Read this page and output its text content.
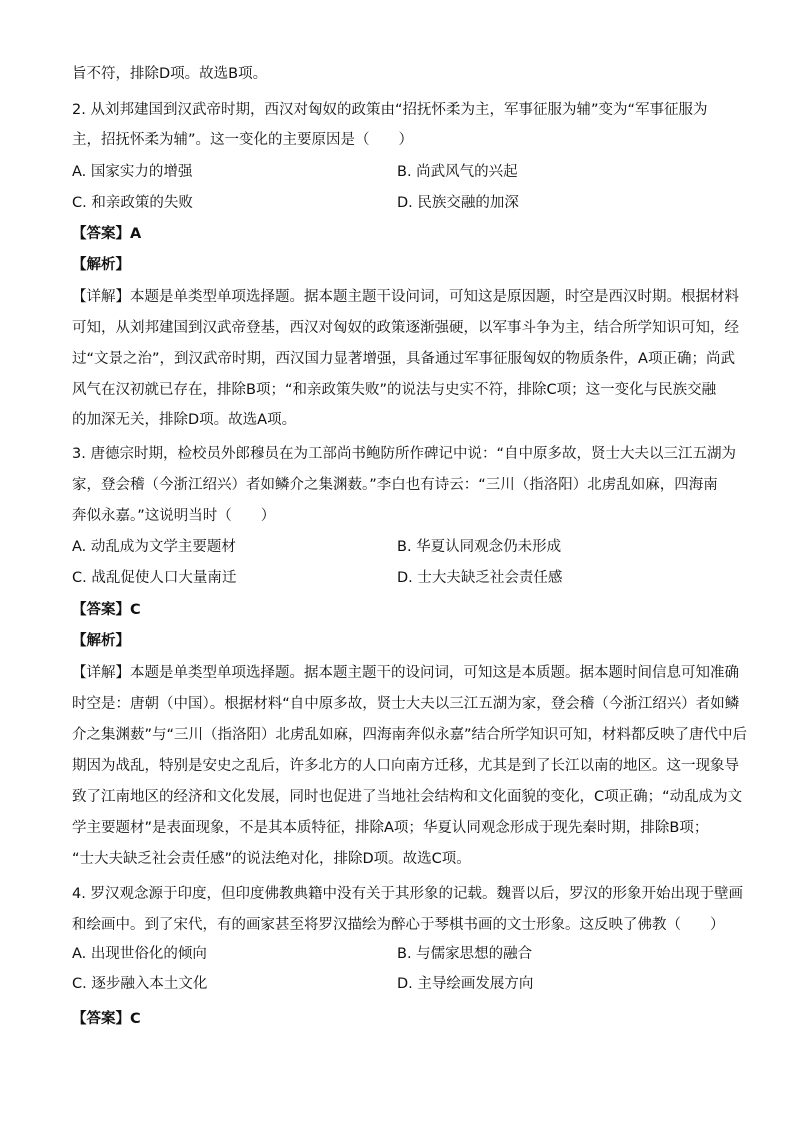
旨不符，排除D项。故选B项。
2. 从刘邦建国到汉武帝时期，西汉对匈奴的政策由“招抚怀柔为主，军事征服为辅”变为“军事征服为
主，招抚怀柔为辅”。这一变化的主要原因是（　　）
【答案】A
【解析】
【详解】本题是单类型单项选择题。据本题主题干设问词，可知这是原因题，时空是西汉时期。根据材料
可知，从刘邦建国到汉武帝登基，西汉对匈奴的政策逐渐强硬，以军事斗争为主，结合所学知识可知，经
过“文景之治”，到汉武帝时期，西汉国力显著增强，具备通过军事征服匈奴的物质条件，A项正确；尚武
风气在汉初就已存在，排除B项；“和亲政策失败”的说法与史实不符，排除C项；这一变化与民族交融
的加深无关，排除D项。故选A项。
3. 唐德宗时期，检校员外郎穆员在为工部尚书鲍防所作碑记中说：“自中原多故，贤士大夫以三江五湖为
家，登会稽（今浙江绍兴）者如鳞介之集渊薮。”李白也有诗云：“三川（指洛阳）北虏乱如麻，四海南
奔似永嘉。”这说明当时（　　）
【答案】C
【解析】
【详解】本题是单类型单项选择题。据本题主题干的设问词，可知这是本质题。据本题时间信息可知准确
时空是：唐朝（中国）。根据材料“自中原多故，贤士大夫以三江五湖为家，登会稽（今浙江绍兴）者如鳞
介之集渊薮”与“三川（指洛阳）北虏乱如麻，四海南奔似永嘉”结合所学知识可知，材料都反映了唐代中后
期因为战乱，特别是安史之乱后，许多北方的人口向南方迁移，尤其是到了长江以南的地区。这一现象导
致了江南地区的经济和文化发展，同时也促进了当地社会结构和文化面貌的变化，C项正确；“动乱成为文
学主要题材”是表面现象，不是其本质特征，排除A项；华夏认同观念形成于现先秦时期，排除B项；
“士大夫缺乏社会责任感”的说法绝对化，排除D项。故选C项。
4. 罗汉观念源于印度，但印度佛教典籍中没有关于其形象的记载。魏晋以后，罗汉的形象开始出现于壁画
和绘画中。到了宋代，有的画家甚至将罗汉描绘为醉心于琴棋书画的文士形象。这反映了佛教（　　）
【答案】C
A. 国家实力的增强	B. 尚武风气的兴起
C. 和亲政策的失败	D. 民族交融的加深
A. 动乱成为文学主要题材	B. 华夏认同观念仍未形成
C. 战乱促使人口大量南迁	D. 士大夫缺乏社会责任感
A. 出现世俗化的倾向	B. 与儒家思想的融合
C. 逐步融入本土文化	D. 主导绘画发展方向
